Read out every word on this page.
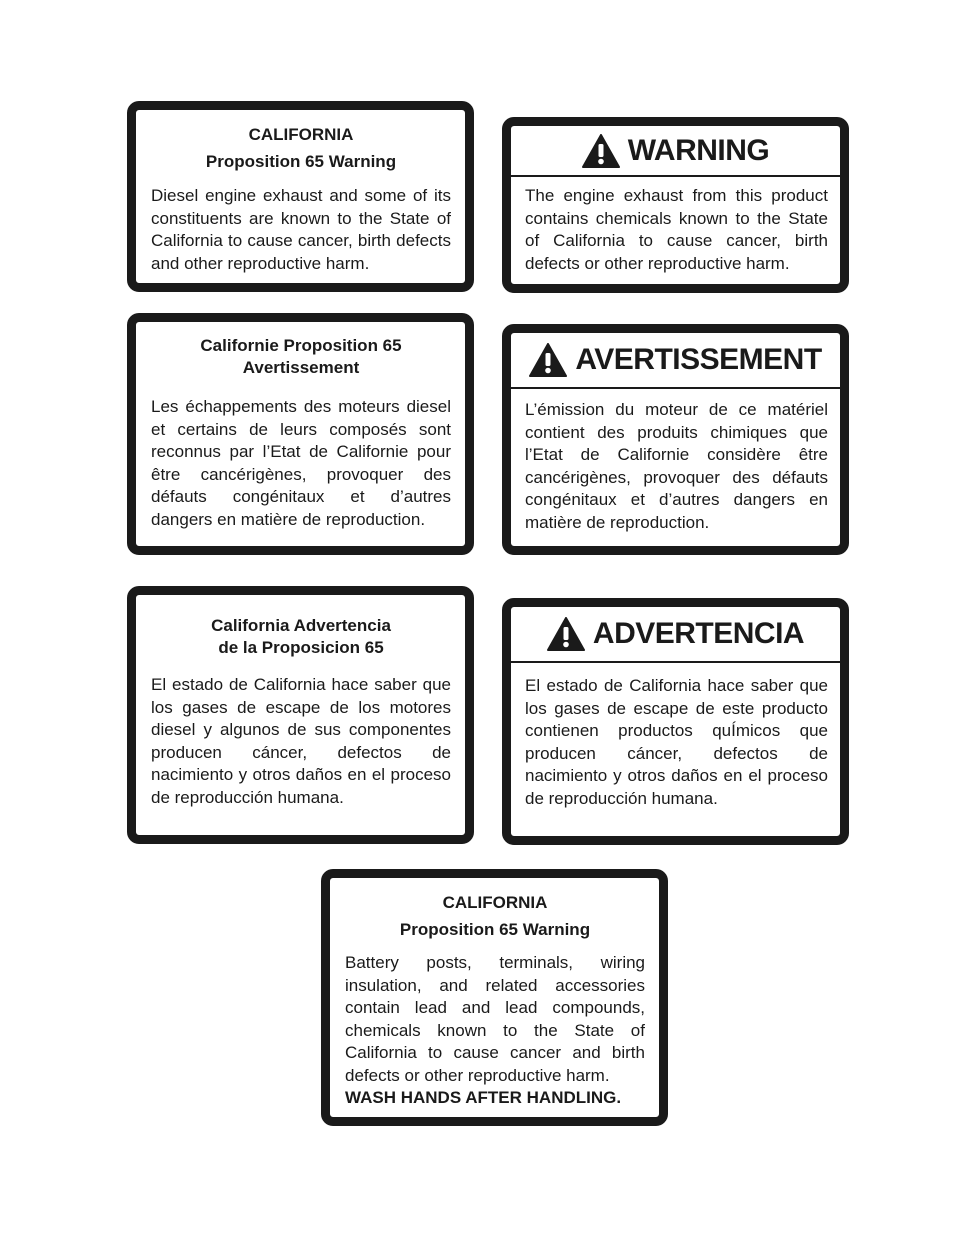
CALIFORNIA

Proposition 65 Warning

Diesel engine exhaust and some of its constituents are known to the State of California to cause cancer, birth defects and other reproductive harm.

WARNING

The engine exhaust from this product contains chemicals known to the State of California to cause cancer, birth defects or other reproductive harm.

Californie Proposition 65

Avertissement

Les échappements des moteurs diesel et certains de leurs composés sont reconnus par l’Etat de Californie pour être cancérigènes, provoquer des défauts congénitaux et d’autres dangers en matière de reproduction.

AVERTISSEMENT

L’émission du moteur de ce matériel contient des produits chimiques que l’Etat de Californie considère être cancérigènes, provoquer des défauts congénitaux et d’autres dangers en matière de reproduction.

California Advertencia

de la Proposicion 65

El estado de California hace saber que los gases de escape de los motores diesel y algunos de sus componentes producen cáncer, defectos de nacimiento y otros daños en el proceso de reproducción humana.

ADVERTENCIA

El estado de California hace saber que los gases de escape de este producto contienen productos quÍmicos que producen cáncer, defectos de nacimiento y otros daños en el proceso de reproducción humana.

CALIFORNIA

Proposition 65 Warning

Battery posts, terminals, wiring insulation, and related accessories contain lead and lead compounds, chemicals known to the State of California to cause cancer and birth defects or other reproductive harm.

WASH HANDS AFTER HANDLING.
